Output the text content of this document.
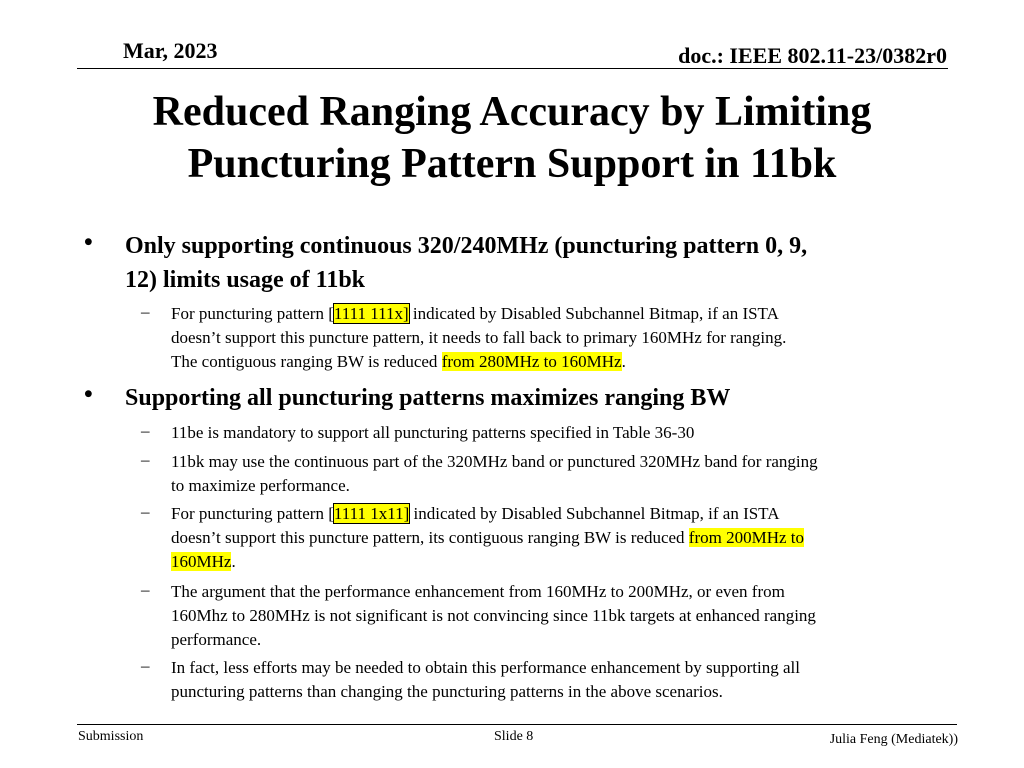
Mar, 2023	doc.: IEEE 802.11-23/0382r0
Reduced Ranging Accuracy by Limiting
Puncturing Pattern Support in 11bk
• Only supporting continuous 320/240MHz (puncturing pattern 0, 9,
12) limits usage of 11bk
– For puncturing pattern [1111 111x] indicated by Disabled Subchannel Bitmap, if an ISTA
doesn’t support this puncture pattern, it needs to fall back to primary 160MHz for ranging.
The contiguous ranging BW is reduced from 280MHz to 160MHz.
• Supporting all puncturing patterns maximizes ranging BW
– 11be is mandatory to support all puncturing patterns specified in Table 36-30
– 11bk may use the continuous part of the 320MHz band or punctured 320MHz band for ranging
to maximize performance.
– For puncturing pattern [1111 1x11] indicated by Disabled Subchannel Bitmap, if an ISTA
doesn’t support this puncture pattern, its contiguous ranging BW is reduced from 200MHz to
160MHz.
– The argument that the performance enhancement from 160MHz to 200MHz, or even from
160Mhz to 280MHz is not significant is not convincing since 11bk targets at enhanced ranging
performance.
– In fact, less efforts may be needed to obtain this performance enhancement by supporting all
puncturing patterns than changing the puncturing patterns in the above scenarios.
Submission	Slide 8	Julia Feng (Mediatek))
